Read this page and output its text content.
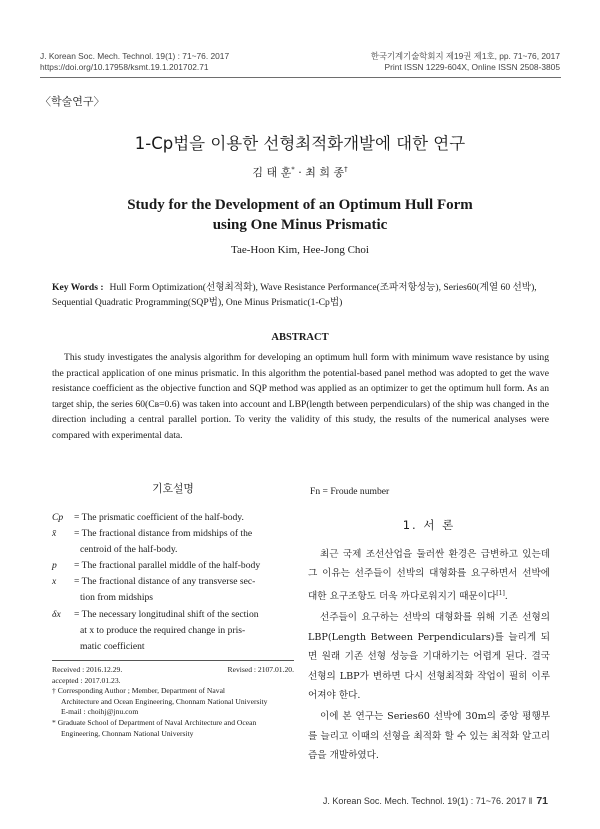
J. Korean Soc. Mech. Technol. 19(1) : 71~76. 2017
https://doi.org/10.17958/ksmt.19.1.201702.71
한국기계기술학회지 제19권 제1호, pp. 71~76, 2017
Print ISSN 1229-604X, Online ISSN 2508-3805
〈학술연구〉
1-Cp법을 이용한 선형최적화개발에 대한 연구
김 태 훈* · 최 희 종†
Study for the Development of an Optimum Hull Form
using One Minus Prismatic
Tae-Hoon Kim, Hee-Jong Choi
Key Words : Hull Form Optimization(선형최적화), Wave Resistance Performance(조파저항성능), Series60(계열 60 선박), Sequential Quadratic Programming(SQP법), One Minus Prismatic(1-Cp법)
ABSTRACT
This study investigates the analysis algorithm for developing an optimum hull form with minimum wave resistance by using the practical application of one minus prismatic. In this algorithm the potential-based panel method was adopted to get the wave resistance coefficient as the objective function and SQP method was applied as an optimizer to get the optimum hull form. As an target ship, the series 60(Cʙ=0.6) was taken into account and LBP(length between perpendiculars) of the ship was changed in the direction including a central parallel portion. To verity the validity of this study, the results of the numerical analyses were compared with experimental data.
기호설명
Cp	= The prismatic coefficient of the half-body.
x̄	= The fractional distance from midships of the
centroid of the half-body.
p	= The fractional parallel middle of the half-body
x	= The fractional distance of any transverse sec-
tion from midships
δx	= The necessary longitudinal shift of the section
at x to produce the required change in pris-
matic coefficient
Received : 2016.12.29.	Revised : 2107.01.20.
accepted : 2017.01.23.
† Corresponding Author ; Member, Department of Naval
Architecture and Ocean Engineering, Chonnam National University
E-mail : choihj@jnu.com
* Graduate School of Department of Naval Architecture and Ocean
Engineering, Chonnam National University
Fn = Froude number
1. 서 론

최근 국제 조선산업을 둘러싼 환경은 급변하고 있는데 그 이유는 선주들이 선박의 대형화를 요구하면서 선박에 대한 요구조항도 더욱 까다로워지기 때문이다[1].

선주들이 요구하는 선박의 대형화를 위해 기존 선형의 LBP(Length Between Perpendiculars)를 늘리게 되면 원래 기존 선형 성능을 기대하기는 어렵게 된다. 결국 선형의 LBP가 변하면 다시 선형최적화 작업이 필히 이루어져야 한다.

이에 본 연구는 Series60 선박에 30m의 중앙 평행부를 늘리고 이때의 선형을 최적화 할 수 있는 최적화 알고리즘을 개발하였다.

J. Korean Soc. Mech. Technol. 19(1) : 71~76. 2017 ‖ 71
